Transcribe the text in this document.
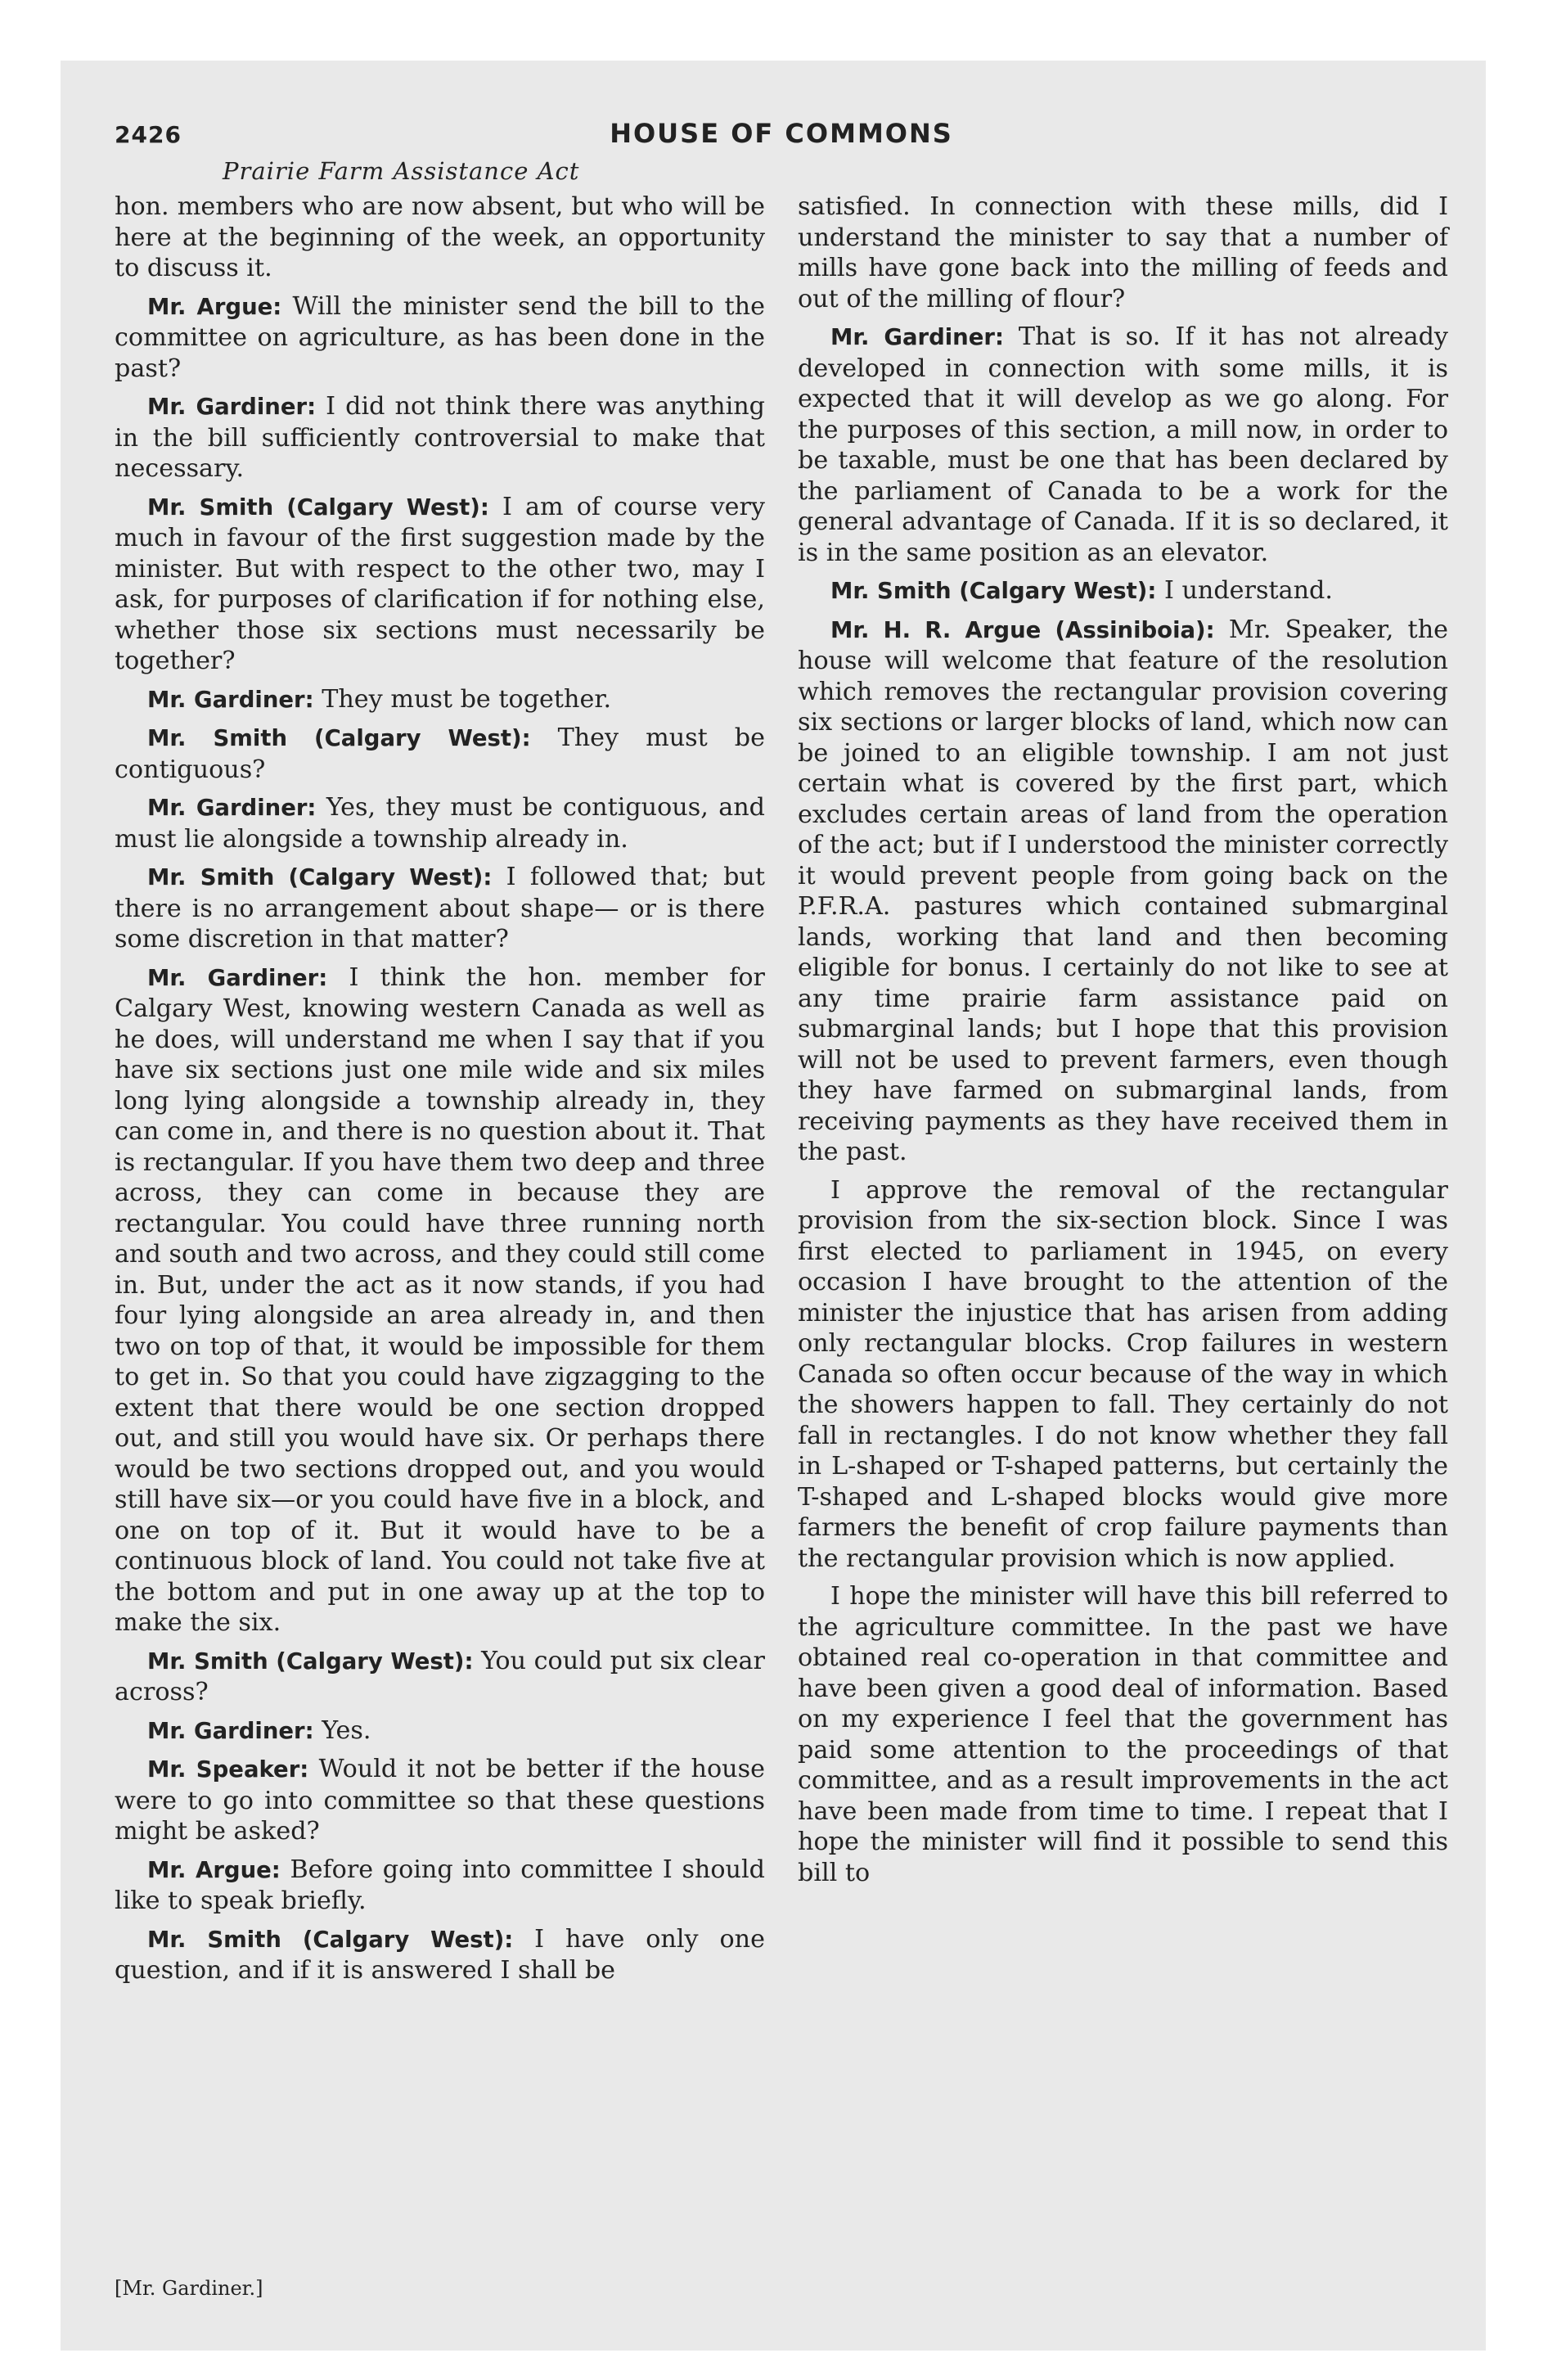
2426	HOUSE OF COMMONS
Prairie Farm Assistance Act

hon. members who are now absent, but who will be here at the beginning of the week, an opportunity to discuss it.

Mr. Argue: Will the minister send the bill to the committee on agriculture, as has been done in the past?

Mr. Gardiner: I did not think there was anything in the bill sufficiently controversial to make that necessary.

Mr. Smith (Calgary West): I am of course very much in favour of the first suggestion made by the minister. But with respect to the other two, may I ask, for purposes of clarification if for nothing else, whether those six sections must necessarily be together?

Mr. Gardiner: They must be together.

Mr. Smith (Calgary West): They must be contiguous?

Mr. Gardiner: Yes, they must be contiguous, and must lie alongside a township already in.

Mr. Smith (Calgary West): I followed that; but there is no arrangement about shape— or is there some discretion in that matter?

Mr. Gardiner: I think the hon. member for Calgary West, knowing western Canada as well as he does, will understand me when I say that if you have six sections just one mile wide and six miles long lying alongside a township already in, they can come in, and there is no question about it. That is rectangular. If you have them two deep and three across, they can come in because they are rectangular. You could have three running north and south and two across, and they could still come in. But, under the act as it now stands, if you had four lying alongside an area already in, and then two on top of that, it would be impossible for them to get in. So that you could have zigzagging to the extent that there would be one section dropped out, and still you would have six. Or perhaps there would be two sections dropped out, and you would still have six—or you could have five in a block, and one on top of it. But it would have to be a continuous block of land. You could not take five at the bottom and put in one away up at the top to make the six.

Mr. Smith (Calgary West): You could put six clear across?

Mr. Gardiner: Yes.

Mr. Speaker: Would it not be better if the house were to go into committee so that these questions might be asked?

Mr. Argue: Before going into committee I should like to speak briefly.

Mr. Smith (Calgary West): I have only one question, and if it is answered I shall be

satisfied. In connection with these mills, did I understand the minister to say that a number of mills have gone back into the milling of feeds and out of the milling of flour?

Mr. Gardiner: That is so. If it has not already developed in connection with some mills, it is expected that it will develop as we go along. For the purposes of this section, a mill now, in order to be taxable, must be one that has been declared by the parliament of Canada to be a work for the general advantage of Canada. If it is so declared, it is in the same position as an elevator.

Mr. Smith (Calgary West): I understand.

Mr. H. R. Argue (Assiniboia): Mr. Speaker, the house will welcome that feature of the resolution which removes the rectangular provision covering six sections or larger blocks of land, which now can be joined to an eligible township. I am not just certain what is covered by the first part, which excludes certain areas of land from the operation of the act; but if I understood the minister correctly it would prevent people from going back on the P.F.R.A. pastures which contained submarginal lands, working that land and then becoming eligible for bonus. I certainly do not like to see at any time prairie farm assistance paid on submarginal lands; but I hope that this provision will not be used to prevent farmers, even though they have farmed on submarginal lands, from receiving payments as they have received them in the past.

I approve the removal of the rectangular provision from the six-section block. Since I was first elected to parliament in 1945, on every occasion I have brought to the attention of the minister the injustice that has arisen from adding only rectangular blocks. Crop failures in western Canada so often occur because of the way in which the showers happen to fall. They certainly do not fall in rectangles. I do not know whether they fall in L-shaped or T-shaped patterns, but certainly the T-shaped and L-shaped blocks would give more farmers the benefit of crop failure payments than the rectangular provision which is now applied.

I hope the minister will have this bill referred to the agriculture committee. In the past we have obtained real co-operation in that committee and have been given a good deal of information. Based on my experience I feel that the government has paid some attention to the proceedings of that committee, and as a result improvements in the act have been made from time to time. I repeat that I hope the minister will find it possible to send this bill to

[Mr. Gardiner.]
